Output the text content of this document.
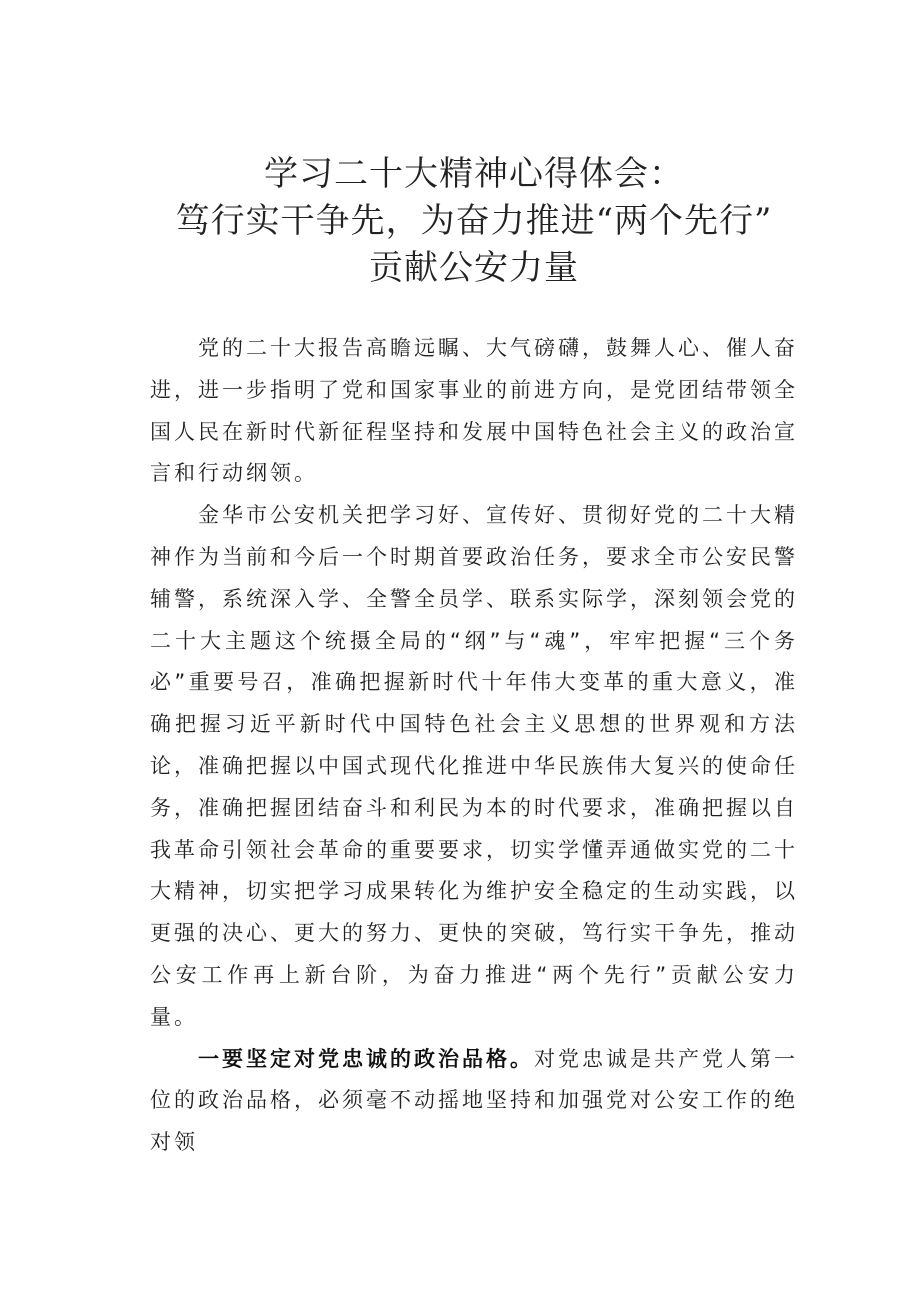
学习二十大精神心得体会：
笃行实干争先，为奋力推进“两个先行”
贡献公安力量

党的二十大报告高瞻远瞩、大气磅礴，鼓舞人心、催人奋进，进一步指明了党和国家事业的前进方向，是党团结带领全国人民在新时代新征程坚持和发展中国特色社会主义的政治宣言和行动纲领。

金华市公安机关把学习好、宣传好、贯彻好党的二十大精神作为当前和今后一个时期首要政治任务，要求全市公安民警辅警，系统深入学、全警全员学、联系实际学，深刻领会党的二十大主题这个统摄全局的“纲”与“魂”，牢牢把握“三个务必”重要号召，准确把握新时代十年伟大变革的重大意义，准确把握习近平新时代中国特色社会主义思想的世界观和方法论，准确把握以中国式现代化推进中华民族伟大复兴的使命任务，准确把握团结奋斗和利民为本的时代要求，准确把握以自我革命引领社会革命的重要要求，切实学懂弄通做实党的二十大精神，切实把学习成果转化为维护安全稳定的生动实践，以更强的决心、更大的努力、更快的突破，笃行实干争先，推动公安工作再上新台阶，为奋力推进“两个先行”贡献公安力量。

一要坚定对党忠诚的政治品格。对党忠诚是共产党人第一位的政治品格，必须毫不动摇地坚持和加强党对公安工作的绝对领
